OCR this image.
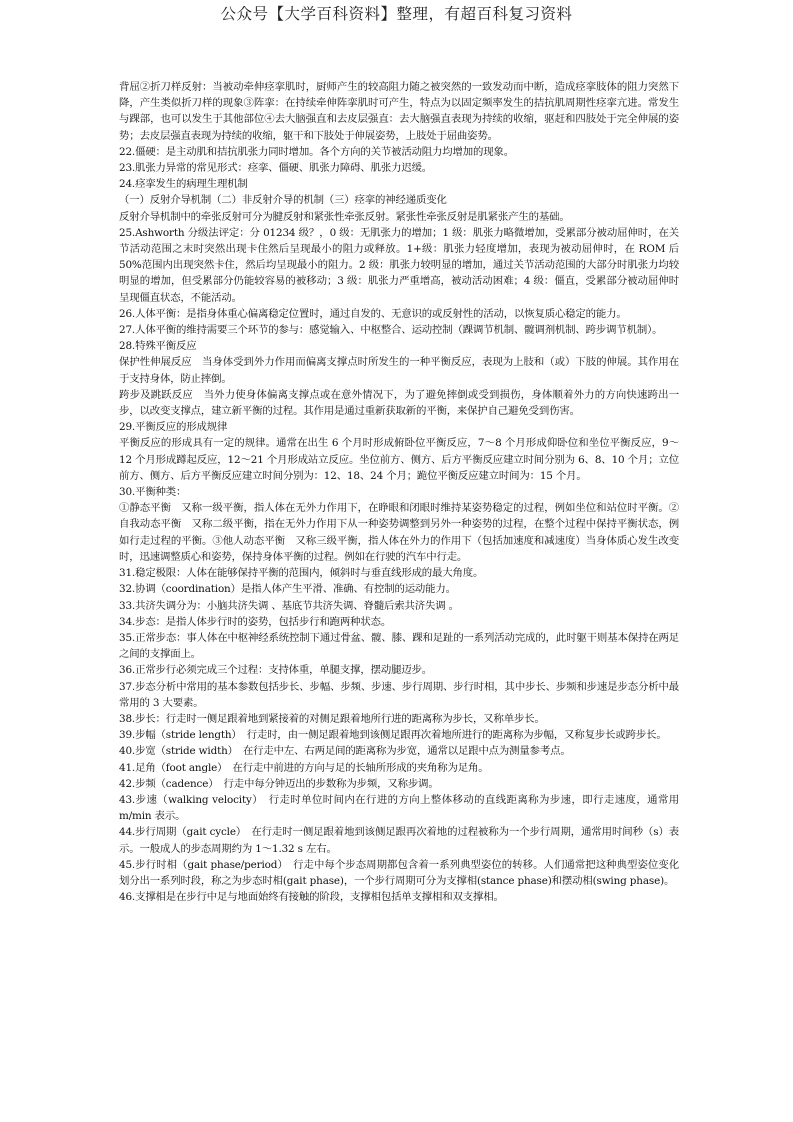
公众号【大学百科资料】整理，有超百科复习资料

背屈②折刀样反射：当被动牵伸痉挛肌时，厨师产生的较高阻力随之被突然的一致发动而中断，造成痉挛肢体的阻力突然下降，产生类似折刀样的现象③阵挛：在持续牵伸阵挛肌时可产生，特点为以固定频率发生的拮抗肌周期性痉挛亢进。常发生与踝部，也可以发生于其他部位④去大脑强直和去皮层强直：去大脑强直表现为持续的收缩，驱赶和四肢处于完全伸展的姿势；去皮层强直表现为持续的收缩，躯干和下肢处于伸展姿势，上肢处于屈曲姿势。

22.僵硬：是主动肌和拮抗肌张力同时增加。各个方向的关节被活动阻力均增加的现象。

23.肌张力异常的常见形式：痉挛、僵硬、肌张力障碍、肌张力迟缓。

24.痉挛发生的病理生理机制

（一）反射介导机制（二）非反射介导的机制（三）痉挛的神经递质变化

反射介导机制中的牵张反射可分为腱反射和紧张性牵张反射。紧张性牵张反射是肌紧张产生的基础。

25.Ashworth 分级法评定：分 01234 级？，0 级：无肌张力的增加；1 级：肌张力略微增加，受累部分被动屈伸时，在关节活动范围之末时突然出现卡住然后呈现最小的阻力或释放。1+级：肌张力轻度增加，表现为被动屈伸时，在 ROM 后 50%范围内出现突然卡住，然后均呈现最小的阻力。2 级：肌张力较明显的增加，通过关节活动范围的大部分时肌张力均较明显的增加，但受累部分仍能较容易的被移动；3 级：肌张力严重增高，被动活动困难；4 级：僵直，受累部分被动屈伸时呈现僵直状态，不能活动。

26.人体平衡：是指身体重心偏离稳定位置时，通过自发的、无意识的或反射性的活动，以恢复质心稳定的能力。

27.人体平衡的维持需要三个环节的参与：感觉输入、中枢整合、运动控制（踝调节机制、髋调剂机制、跨步调节机制）。

28.特殊平衡反应

保护性伸展反应　当身体受到外力作用而偏离支撑点时所发生的一种平衡反应，表现为上肢和（或）下肢的伸展。其作用在于支持身体，防止摔倒。

跨步及跳跃反应　当外力使身体偏离支撑点或在意外情况下，为了避免摔倒或受到损伤，身体顺着外力的方向快速跨出一步，以改变支撑点，建立新平衡的过程。其作用是通过重新获取新的平衡，来保护自己避免受到伤害。

29.平衡反应的形成规律

平衡反应的形成具有一定的规律。通常在出生 6 个月时形成俯卧位平衡反应，7～8 个月形成仰卧位和坐位平衡反应，9～12 个月形成蹲起反应，12～21 个月形成站立反应。坐位前方、侧方、后方平衡反应建立时间分别为 6、8、10 个月；立位前方、侧方、后方平衡反应建立时间分别为：12、18、24 个月；跪位平衡反应建立时间为：15 个月。

30.平衡种类：

①静态平衡　又称一级平衡，指人体在无外力作用下，在睁眼和闭眼时维持某姿势稳定的过程，例如坐位和站位时平衡。②自我动态平衡　又称二级平衡，指在无外力作用下从一种姿势调整到另外一种姿势的过程，在整个过程中保持平衡状态，例如行走过程的平衡。③他人动态平衡　又称三级平衡，指人体在外力的作用下（包括加速度和减速度）当身体质心发生改变时，迅速调整质心和姿势，保持身体平衡的过程。例如在行驶的汽车中行走。

31.稳定极限：人体在能够保持平衡的范围内，倾斜时与垂直线形成的最大角度。

32.协调（coordination）是指人体产生平滑、准确、有控制的运动能力。

33.共济失调分为：小脑共济失调 、基底节共济失调、脊髓后索共济失调 。

34.步态：是指人体步行时的姿势，包括步行和跑两种状态。

35.正常步态：事人体在中枢神经系统控制下通过骨盆、髋、膝、踝和足趾的一系列活动完成的，此时躯干则基本保持在两足之间的支撑面上。

36.正常步行必须完成三个过程：支持体重，单腿支撑，摆动腿迈步。

37.步态分析中常用的基本参数包括步长、步幅、步频、步速、步行周期、步行时相，其中步长、步频和步速是步态分析中最常用的 3 大要素。

38.步长：行走时一侧足跟着地到紧接着的对侧足跟着地所行进的距离称为步长，又称单步长。

39.步幅（stride length）　行走时，由一侧足跟着地到该侧足跟再次着地所进行的距离称为步幅，又称复步长或跨步长。

40.步宽（stride width）　在行走中左、右两足间的距离称为步宽，通常以足跟中点为测量参考点。

41.足角（foot angle）　在行走中前进的方向与足的长轴所形成的夹角称为足角。

42.步频（cadence）　行走中每分钟迈出的步数称为步频，又称步调。

43.步速（walking velocity）　行走时单位时间内在行进的方向上整体移动的直线距离称为步速，即行走速度，通常用 m/min 表示。

44.步行周期（gait cycle）　在行走时一侧足跟着地到该侧足跟再次着地的过程被称为一个步行周期，通常用时间秒（s）表示。一般成人的步态周期约为 1～1.32 s 左右。

45.步行时相（gait phase/period）　行走中每个步态周期都包含着一系列典型姿位的转移。人们通常把这种典型姿位变化划分出一系列时段，称之为步态时相(gait phase)，一个步行周期可分为支撑相(stance phase)和摆动相(swing phase)。

46.支撑相是在步行中足与地面始终有接触的阶段，支撑相包括单支撑相和双支撑相。
